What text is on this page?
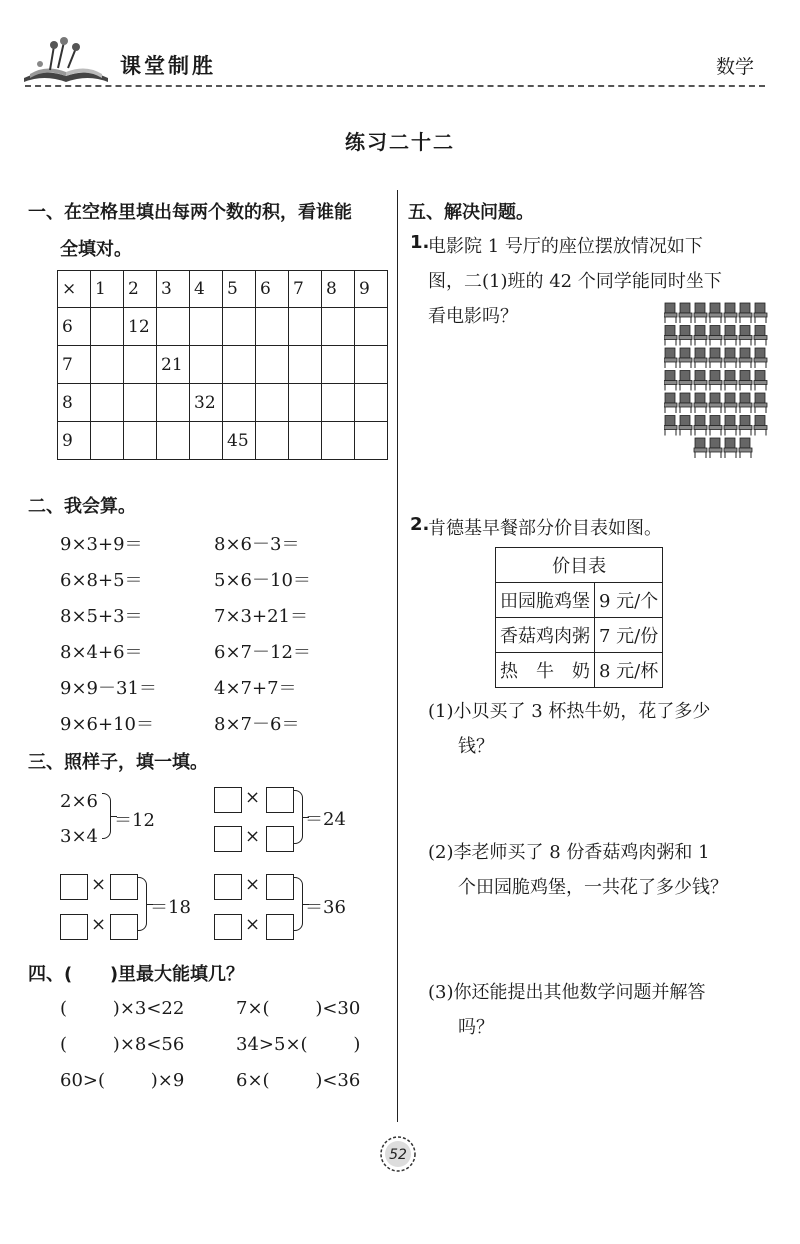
课堂制胜	数学
练习二十二
一、在空格里填出每两个数的积，看谁能
全填对。
×	1	2	3	4	5	6	7	8	9
6		12							
7			21						
8				32					
9					45				
二、我会算。
9×3+9＝	8×6－3＝
6×8+5＝	5×6－10＝
8×5+3＝	7×3+21＝
8×4+6＝	6×7－12＝
9×9－31＝	4×7+7＝
9×6+10＝	8×7－6＝
三、照样子，填一填。
2×6
3×4
＝12
×
×
＝24
×
×
＝18
×
×
＝36
四、(      )里最大能填几？
(        )×3<22	7×(        )<30
(        )×8<56	34>5×(        )
60>(        )×9	6×(        )<36
五、解决问题。
1.
电影院 1 号厅的座位摆放情况如下
图，二(1)班的 42 个同学能同时坐下
看电影吗？
2.
肯德基早餐部分价目表如图。
价目表	
田园脆鸡堡	9 元/个
香菇鸡肉粥	7 元/份
热　牛　奶	8 元/杯
(1)小贝买了 3 杯热牛奶，花了多少
钱？
(2)李老师买了 8 份香菇鸡肉粥和 1
个田园脆鸡堡，一共花了多少钱？
(3)你还能提出其他数学问题并解答
吗？
52
